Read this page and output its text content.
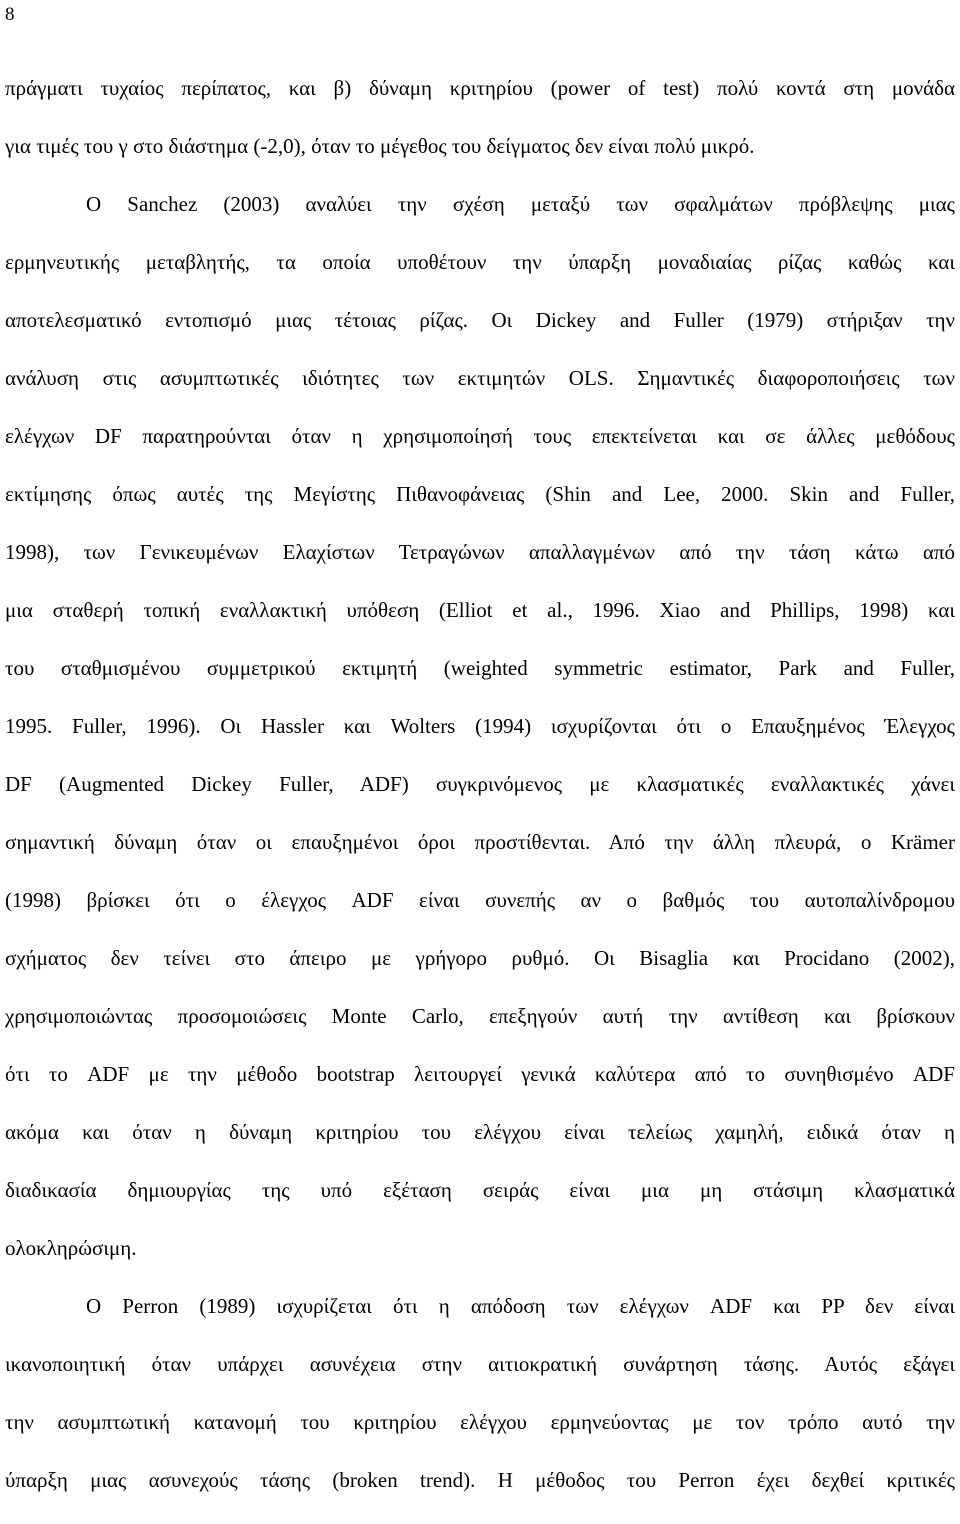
8
πράγματι τυχαίος περίπατος, και β) δύναμη κριτηρίου (power of test) πολύ κοντά στη μονάδα
για τιμές του γ στο διάστημα (-2,0), όταν το μέγεθος του δείγματος δεν είναι πολύ μικρό.
Ο Sanchez (2003) αναλύει την σχέση μεταξύ των σφαλμάτων πρόβλεψης μιας
ερμηνευτικής μεταβλητής, τα οποία υποθέτουν την ύπαρξη μοναδιαίας ρίζας καθώς και
αποτελεσματικό εντοπισμό μιας τέτοιας ρίζας. Οι Dickey and Fuller (1979) στήριξαν την
ανάλυση στις ασυμπτωτικές ιδιότητες των εκτιμητών OLS. Σημαντικές διαφοροποιήσεις των
ελέγχων DF παρατηρούνται όταν η χρησιμοποίησή τους επεκτείνεται και σε άλλες μεθόδους
εκτίμησης όπως αυτές της Μεγίστης Πιθανοφάνειας (Shin and Lee, 2000. Skin and Fuller,
1998), των Γενικευμένων Ελαχίστων Τετραγώνων απαλλαγμένων από την τάση κάτω από
μια σταθερή τοπική εναλλακτική υπόθεση (Elliot et al., 1996. Xiao and Phillips, 1998) και
του σταθμισμένου συμμετρικού εκτιμητή (weighted symmetric estimator, Park and Fuller,
1995. Fuller, 1996). Οι Hassler και Wolters (1994) ισχυρίζονται ότι ο Επαυξημένος Έλεγχος
DF (Augmented Dickey Fuller, ADF) συγκρινόμενος με κλασματικές εναλλακτικές χάνει
σημαντική δύναμη όταν οι επαυξημένοι όροι προστίθενται. Από την άλλη πλευρά, ο Krämer
(1998) βρίσκει ότι ο έλεγχος ADF είναι συνεπής αν ο βαθμός του αυτοπαλίνδρομου
σχήματος δεν τείνει στο άπειρο με γρήγορο ρυθμό. Οι Bisaglia και Procidano (2002),
χρησιμοποιώντας προσομοιώσεις Monte Carlo, επεξηγούν αυτή την αντίθεση και βρίσκουν
ότι το ADF με την μέθοδο bootstrap λειτουργεί γενικά καλύτερα από το συνηθισμένο ADF
ακόμα και όταν η δύναμη κριτηρίου του ελέγχου είναι τελείως χαμηλή, ειδικά όταν η
διαδικασία δημιουργίας της υπό εξέταση σειράς είναι μια μη στάσιμη κλασματικά
ολοκληρώσιμη.
Ο Perron (1989) ισχυρίζεται ότι η απόδοση των ελέγχων ADF και PP δεν είναι
ικανοποιητική όταν υπάρχει ασυνέχεια στην αιτιοκρατική συνάρτηση τάσης. Αυτός εξάγει
την ασυμπτωτική κατανομή του κριτηρίου ελέγχου ερμηνεύοντας με τον τρόπο αυτό την
ύπαρξη μιας ασυνεχούς τάσης (broken trend). Η μέθοδος του Perron έχει δεχθεί κριτικές
